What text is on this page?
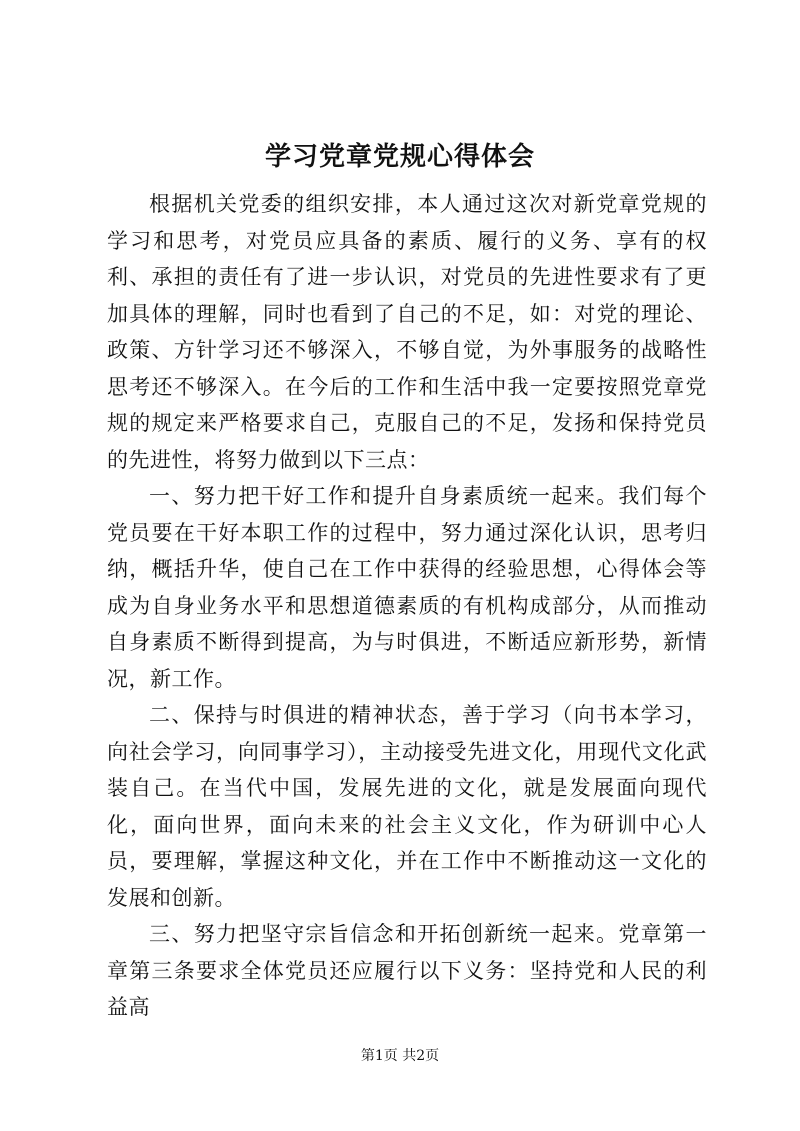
学习党章党规心得体会

根据机关党委的组织安排，本人通过这次对新党章党规的学习和思考，对党员应具备的素质、履行的义务、享有的权利、承担的责任有了进一步认识，对党员的先进性要求有了更加具体的理解，同时也看到了自己的不足，如：对党的理论、政策、方针学习还不够深入，不够自觉，为外事服务的战略性思考还不够深入。在今后的工作和生活中我一定要按照党章党规的规定来严格要求自己，克服自己的不足，发扬和保持党员的先进性，将努力做到以下三点：

一、努力把干好工作和提升自身素质统一起来。我们每个党员要在干好本职工作的过程中，努力通过深化认识，思考归纳，概括升华，使自己在工作中获得的经验思想，心得体会等成为自身业务水平和思想道德素质的有机构成部分，从而推动自身素质不断得到提高，为与时俱进，不断适应新形势，新情况，新工作。

二、保持与时俱进的精神状态，善于学习（向书本学习，向社会学习，向同事学习），主动接受先进文化，用现代文化武装自己。在当代中国，发展先进的文化，就是发展面向现代化，面向世界，面向未来的社会主义文化，作为研训中心人员，要理解，掌握这种文化，并在工作中不断推动这一文化的发展和创新。

三、努力把坚守宗旨信念和开拓创新统一起来。党章第一章第三条要求全体党员还应履行以下义务：坚持党和人民的利益高

第1页 共2页
